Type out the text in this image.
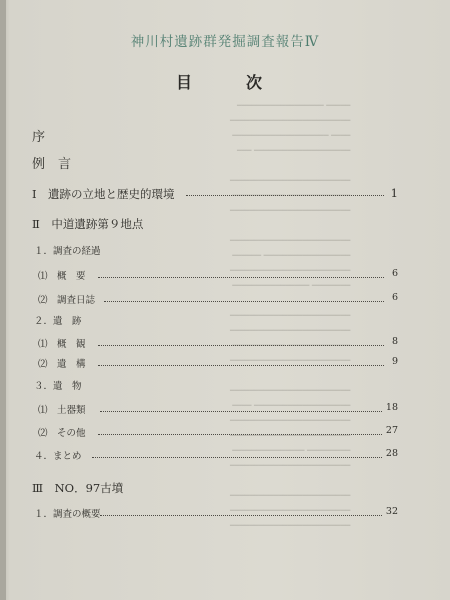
━━━━━ ━━━━━━━━━━━━━━━━━━
━━━━━━━━━━━━━━━━━━━━━━━━━
━━━━ ━━━━━━━━━━━━━━━━━━━━
━━━━━━━━━━━━━━━━━━━━ ━━━

━━━━━━━━━━━━━━━━━━━━━━━━━
━━━━━━━━━━━━━ ━━━━━━━━━━━
━━━━━━━━━━━━━━━━━━━━━━━━━

━━━━━━━━━━━━━━━━━━━━━━━━━
━━━━━━━━━━━━━━━━━━ ━━━━━━
━━━━━━━━━━━━━━━━━━━━━━━━━
━━━━━━━━ ━━━━━━━━━━━━━━━━

━━━━━━━━━━━━━━━━━━━━━━━━━
━━━━━━━━━━━━━━━━━━━━━━━━━
━━━━━━━━━━━━━ ━━━━━━━━━━━
━━━━━━━━━━━━━━━━━━━━━━━━━

━━━━━━━━━━━━━━━━━━━━━━━━━
━━━━━━━━━━━━━━━━━━━━ ━━━━
━━━━━━━━━━━━━━━━━━━━━━━━━
━━━━━━━━━━━━━━━━━━━━━━━━━
━━━━━━━━━ ━━━━━━━━━━━━━━━
━━━━━━━━━━━━━━━━━━━━━━━━━

━━━━━━━━━━━━━━━━━━━━━━━━━
━━━━━━━━━━━━━━━━━━━━━━━━━
━━━━━━━━━━━━━━━━━━━━━━━━━
神川村遺跡群発掘調査報告Ⅳ
目	次
序
例　言
Ⅰ　遺跡の立地と歴史的環境	1
Ⅱ　中道遺跡第９地点
１．調査の経過
⑴　概　要	6
⑵　調査日誌	6
２．遺　跡
⑴　概　観	8
⑵　遺　構	9
３．遺　物
⑴　土器類	18
⑵　その他	27
４．まとめ	28
Ⅲ　NO．97古墳
１．調査の概要	32
